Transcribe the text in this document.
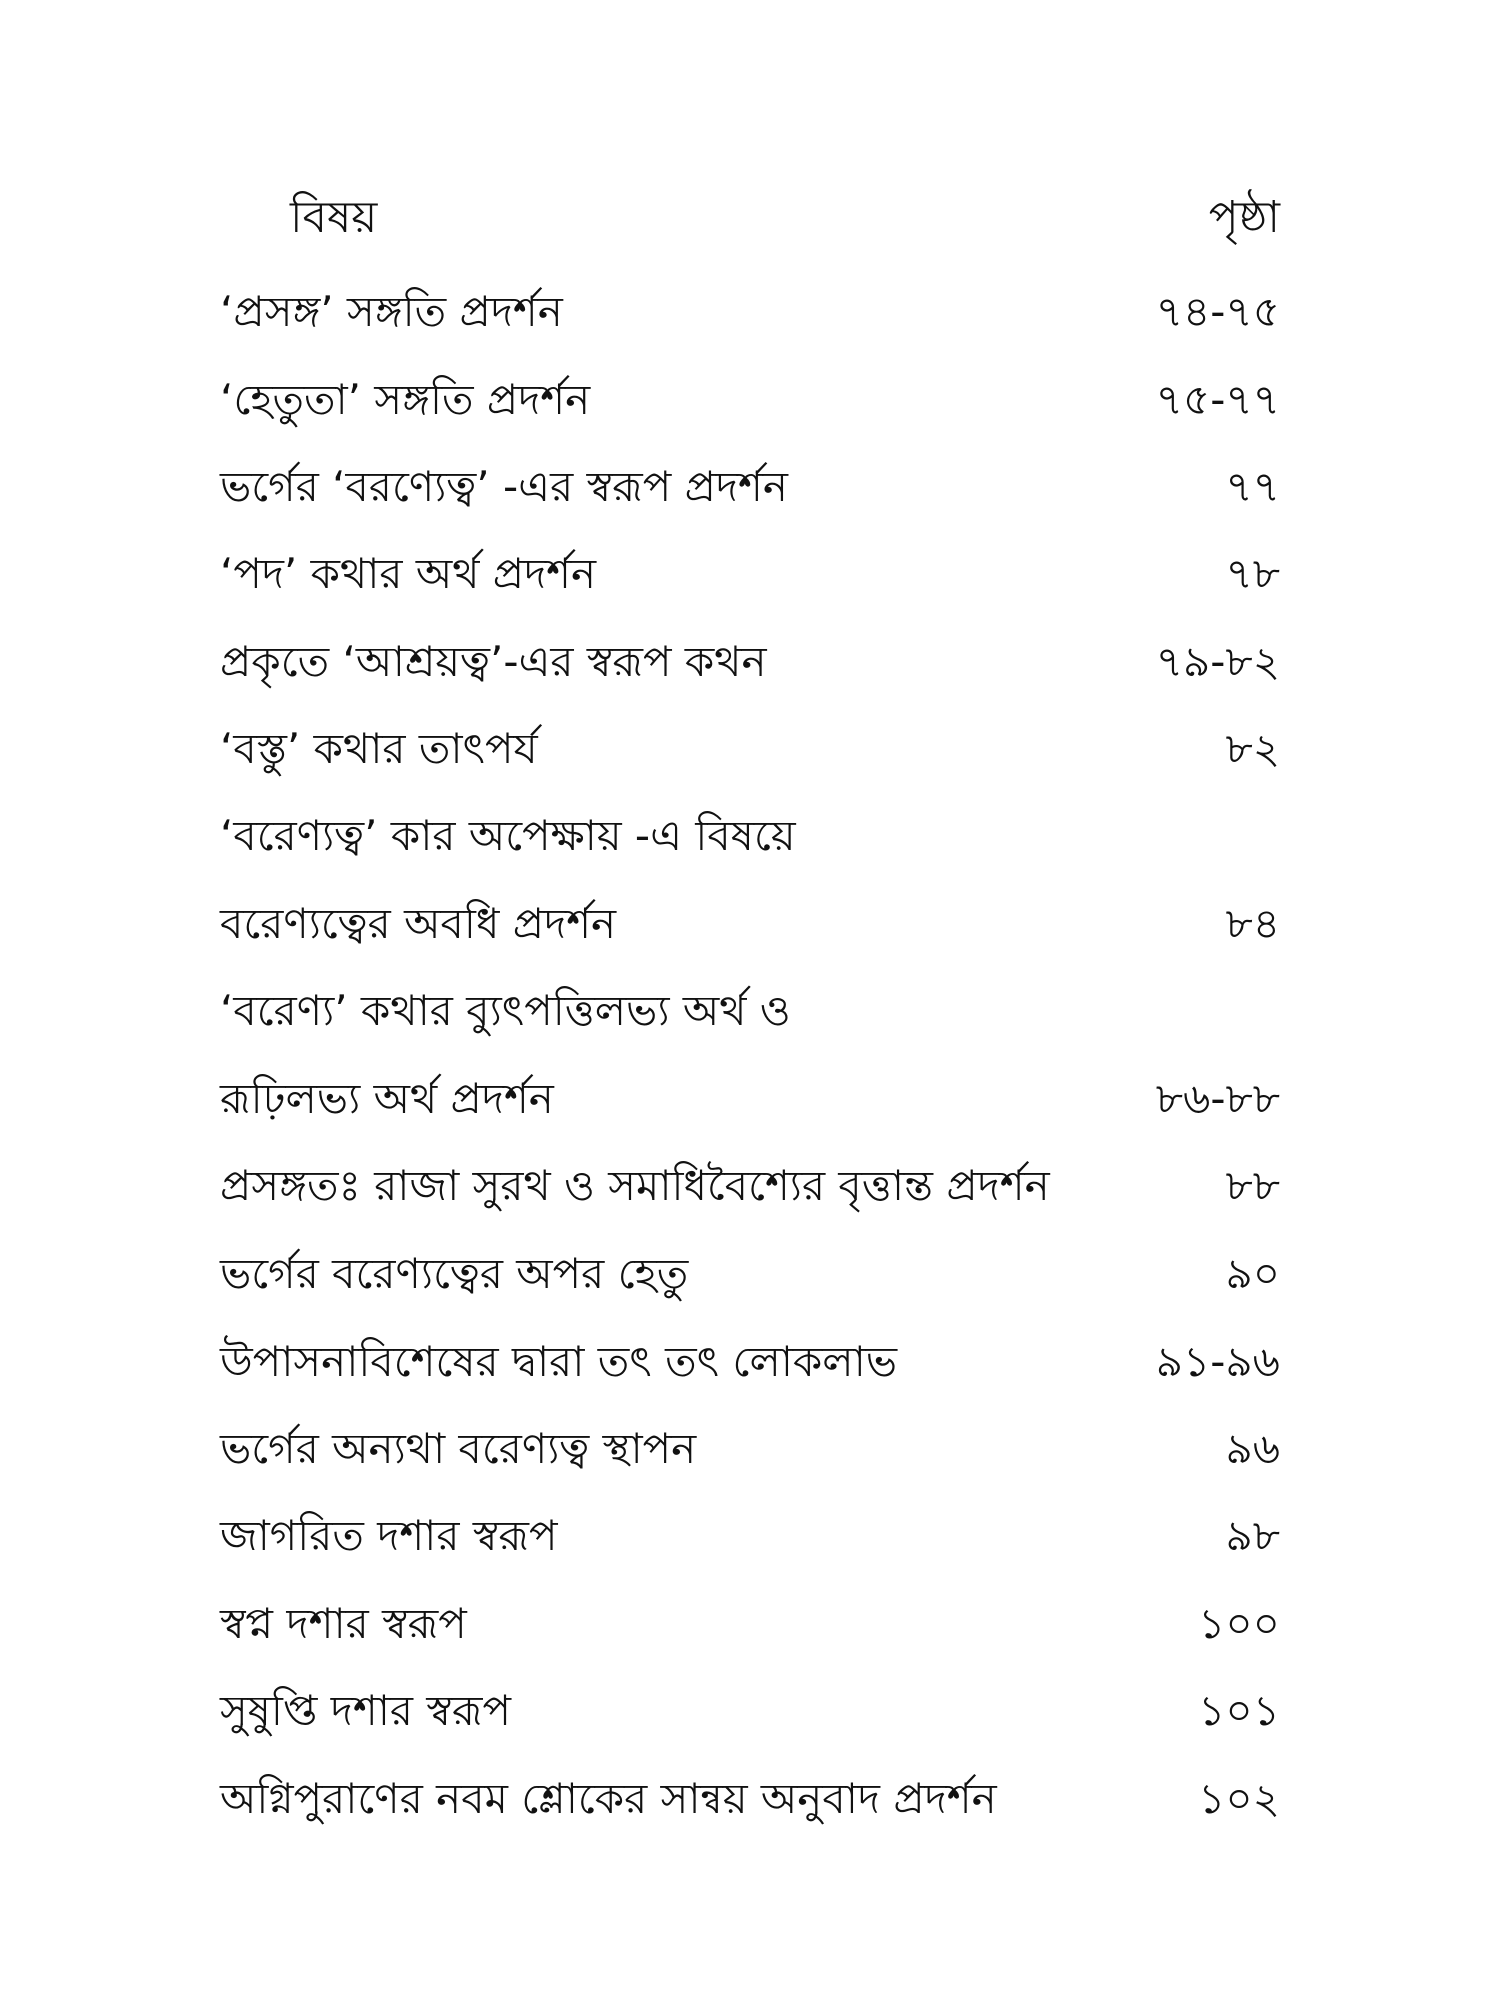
বিষয়	পৃষ্ঠা
‘প্রসঙ্গ’ সঙ্গতি প্রদর্শন	৭৪-৭৫
‘হেতুতা’ সঙ্গতি প্রদর্শন	৭৫-৭৭
ভর্গের ‘বরণ্যেত্ব’ -এর স্বরূপ প্রদর্শন	৭৭
‘পদ’ কথার অর্থ প্রদর্শন	৭৮
প্রকৃতে ‘আশ্রয়ত্ব’-এর স্বরূপ কথন	৭৯-৮২
‘বস্তু’ কথার তাৎপর্য	৮২
‘বরেণ্যত্ব’ কার অপেক্ষায় -এ বিষয়ে
বরেণ্যত্বের অবধি প্রদর্শন	৮৪
‘বরেণ্য’ কথার ব্যুৎপত্তিলভ্য অর্থ ও
রূঢ়িলভ্য অর্থ প্রদর্শন	৮৬-৮৮
প্রসঙ্গতঃ রাজা সুরথ ও সমাধিবৈশ্যের বৃত্তান্ত প্রদর্শন	৮৮
ভর্গের বরেণ্যত্বের অপর হেতু	৯০
উপাসনাবিশেষের দ্বারা তৎ তৎ লোকলাভ	৯১-৯৬
ভর্গের অন্যথা বরেণ্যত্ব স্থাপন	৯৬
জাগরিত দশার স্বরূপ	৯৮
স্বপ্ন দশার স্বরূপ	১০০
সুষুপ্তি দশার স্বরূপ	১০১
অগ্নিপুরাণের নবম শ্লোকের সান্বয় অনুবাদ প্রদর্শন	১০২
